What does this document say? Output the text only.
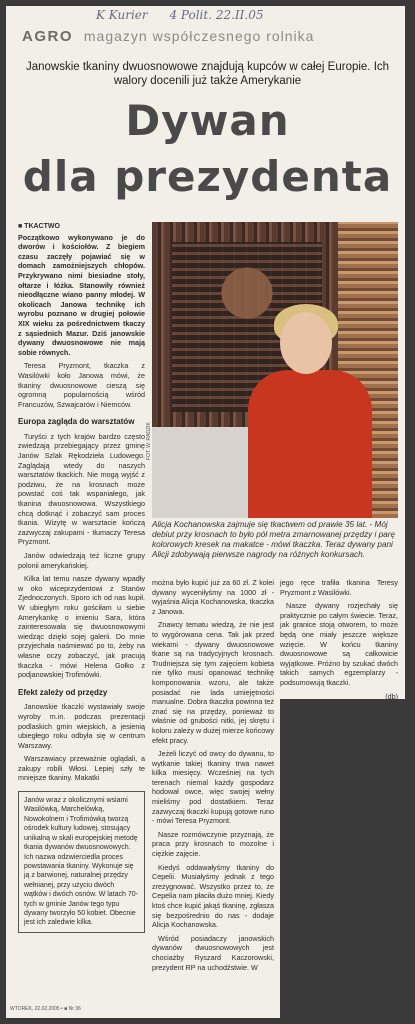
K Kurier 4 Polit. 22.II.05
AGRO magazyn współczesnego rolnika
Janowskie tkaniny dwuosnowowe znajdują kupców w całej Europie. Ich walory docenili już także Amerykanie
Dywan
dla prezydenta

■ TKACTWO

Początkowo wykonywano je do dworów i kościołów. Z biegiem czasu zaczęły pojawiać się w domach zamożniejszych chłopów. Przykrywano nimi biesiadne stoły, ołtarze i łóżka. Stanowiły również nieodłączne wiano panny młodej. W okolicach Janowa technikę ich wyrobu poznano w drugiej połowie XIX wieku za pośrednictwem tkaczy z sąsiednich Mazur. Dziś janowskie dywany dwuosnowowe nie mają sobie równych.

Teresa Pryzmont, tkaczka z Wasilówki koło Janowa mówi, że tkaniny dwuosnowowe cieszą się ogromną popularnością wśród Francuzów, Szwajcarów i Niemców.

Europa zagląda do warsztatów

Turyści z tych krajów bardzo często zwiedzają przebiegający przez gminę Janów Szlak Rękodzieła Ludowego. Zaglądają wtedy do naszych warsztatów tkackich. Nie mogą wyjść z podziwu, że na krosnach może powstać coś tak wspaniałego, jak tkanina dwuosnowowa. Wszystkiego chcą dotknąć i zobaczyć sam proces tkania. Wizytę w warsztacie kończą zazwyczaj zakupami - tłumaczy Teresa Pryzmont.

Janów odwiedzają też liczne grupy polonii amerykańskiej.

Kilka lat temu nasze dywany wpadły w oko wiceprzydentowi z Stanów Zjednoczonych. Sporo ich od nas kupił. W ubiegłym roku gościłam u siebie Amerykankę o imieniu Sara, która zainteresowała się dwuosnowowymi wiedząc dzięki sojej galerii. Do mnie przyjechała naśmiewać po to, żeby na własne oczy zobaczyć, jak pracują tkaczka - mówi Helena Gołko z podjanowskiej Trofimówki.

Efekt zależy od przędzy

Janowskie tkaczki wystawiały swoje wyroby m.in. podczas prezentacji podlaskich gmin wiejskich, a jesienią ubiegłego roku odbyła się w centrum Warszawy.

Warszawiacy przeważnie oglądali, a zakupy robili Włosi. Lepiej szły te mniejsze tkaniny. Makatki

Janów wraz z okolicznymi wsiami Wasilówką, Marchelówką, Nowokolnem i Trofimówką tworzą ośrodek kultury ludowej, stosujący unikalną w skali europejskiej metodę tkania dywanów dwuosnowowych. Ich nazwa odzwierciedla proces powstawania tkaniny. Wykonuje się ją z barwionej, naturalnej przędzy wełnianej, przy użyciu dwóch wątków i dwóch osnów. W latach 70-tych w gminie Janów tego typu dywany tworzyło 50 kobiet. Obecnie jest ich zaledwie kilka.
FOT. W. RADZIK
Alicja Kochanowska zajmuje się tkactwem od prawie 35 lat. - Mój debiut przy krosnach to było pół metra zmarnowanej przędzy i parę kolorowych kresek na makatce - mówi tkaczka. Teraz dywany pani Alicji zdobywają pierwsze nagrody na różnych konkursach.

można było kupić już za 60 zł. Z kolei dywany wyceniłyśmy na 1000 zł - wyjaśnia Alicja Kochanowska, tkaczka z Janowa.

Znawcy tematu wiedzą, że nie jest to wygórowana cena. Tak jak przed wiekami - dywany dwuosnowowe tkane są na tradycyjnych krosnach. Trudniejsza się tym zajęciem kobieta nie tylko musi opanować technikę komponowania wzoru, ale także posiadać nie lada umiejętności manualne. Dobra tkaczka powinna też znać się na przędzy, ponieważ to właśnie od grubości nitki, jej skrętu i koloru zależy w dużej mierze końcowy efekt pracy.

Jeżeli liczyć od owcy do dywanu, to wytkanie takiej tkaniny trwa nawet kilka miesięcy. Wcześniej na tych terenach niemal każdy gospodarz hodował owce, więc swojej wełny mieliśmy pod dostatkiem. Teraz zazwyczaj tkaczki kupują gotowe runo - mówi Teresa Pryzmont.

Nasze rozmówczynie przyznają, że praca przy krosnach to mozolne i ciężkie zajęcie.

Kiedyś oddawałyśmy tkaniny do Cepelii. Musiałyśmy jednak z tego zrezygnować. Wszystko przez to, że Cepelia nam płaciła dużo mniej. Kiedy ktoś chce kupić jakąś tkaninę, zgłasza się bezpośrednio do nas - dodaje Alicja Kochanowska.

Wśród posiadaczy janowskich dywanów dwuosnowowych jest chociażby Ryszard Kaczorowski, prezydent RP na uchodźstwie. W

jego ręce trafiła tkanina Teresy Pryzmont z Wasilówki.

Nasze dywany rozjechały się praktycznie po całym świecie. Teraz, jak granice stoją otworem, to może będą one miały jeszcze większe wzięcie. W końcu tkaniny dwuosnowowe są całkowicie wyjątkowe. Próżno by szukać dwóch takich samych egzemplarzy - podsumowują tkaczki.

(db)

WTOREK, 22.02.2005 • ■ Nr 36
